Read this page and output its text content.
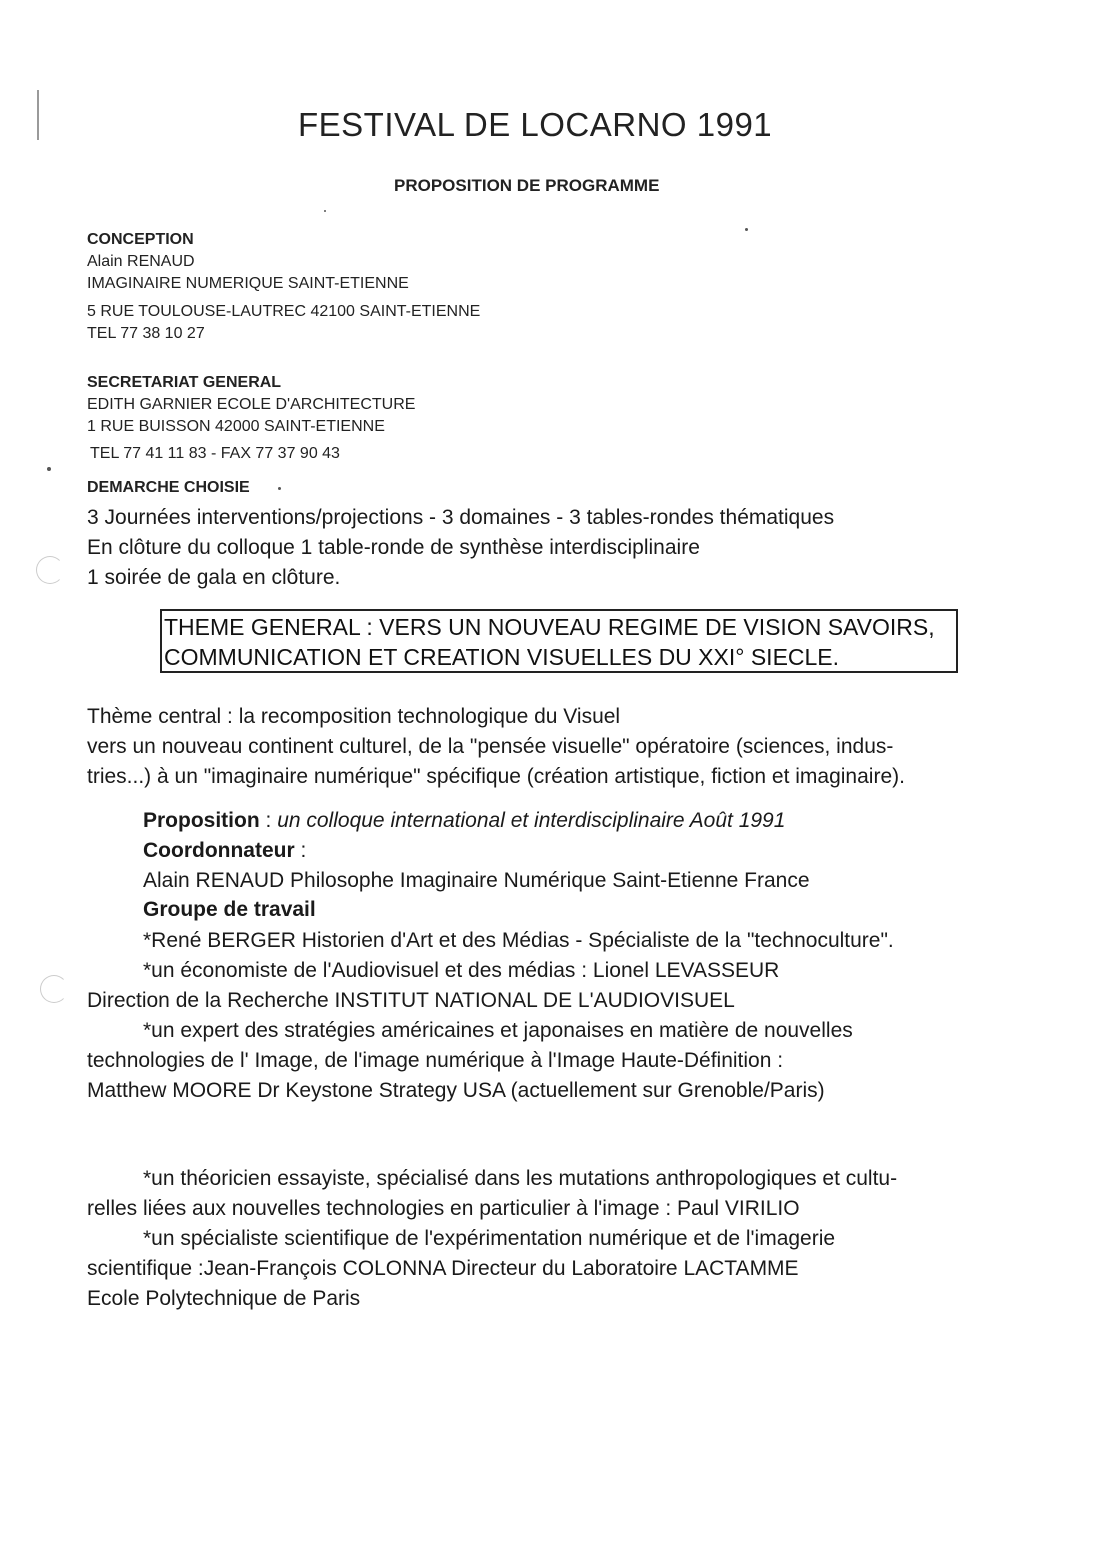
FESTIVAL DE LOCARNO 1991
PROPOSITION DE PROGRAMME
CONCEPTION
Alain RENAUD
IMAGINAIRE NUMERIQUE SAINT-ETIENNE
5 RUE TOULOUSE-LAUTREC 42100 SAINT-ETIENNE
TEL 77 38 10 27
SECRETARIAT GENERAL
EDITH GARNIER ECOLE D'ARCHITECTURE
1 RUE BUISSON 42000 SAINT-ETIENNE
TEL 77 41 11 83 - FAX 77 37 90 43
DEMARCHE CHOISIE
3 Journées interventions/projections - 3 domaines - 3 tables-rondes thématiques
En clôture du colloque 1 table-ronde de synthèse interdisciplinaire
1 soirée de gala en clôture.
THEME GENERAL : VERS UN NOUVEAU REGIME DE VISION SAVOIRS,
COMMUNICATION ET CREATION VISUELLES DU XXI° SIECLE.
Thème central : la recomposition technologique du Visuel
vers un nouveau continent culturel, de la "pensée visuelle" opératoire (sciences, indus-
tries...) à un "imaginaire numérique" spécifique (création artistique, fiction et imaginaire).
Proposition : un colloque international et interdisciplinaire Août 1991
Coordonnateur :
Alain RENAUD Philosophe Imaginaire Numérique Saint-Etienne France
Groupe de travail
*René BERGER Historien d'Art et des Médias - Spécialiste de la "technoculture".
*un économiste de l'Audiovisuel et des médias : Lionel LEVASSEUR
Direction de la Recherche INSTITUT NATIONAL DE L'AUDIOVISUEL
*un expert des stratégies américaines et japonaises en matière de nouvelles
technologies de l' Image, de l'image numérique à l'Image Haute-Définition :
Matthew MOORE Dr Keystone Strategy USA (actuellement sur Grenoble/Paris)
*un théoricien essayiste, spécialisé dans les mutations anthropologiques et cultu-
relles liées aux nouvelles technologies en particulier à l'image : Paul VIRILIO
*un spécialiste scientifique de l'expérimentation numérique et de l'imagerie
scientifique :Jean-François COLONNA Directeur du Laboratoire LACTAMME
Ecole Polytechnique de Paris
